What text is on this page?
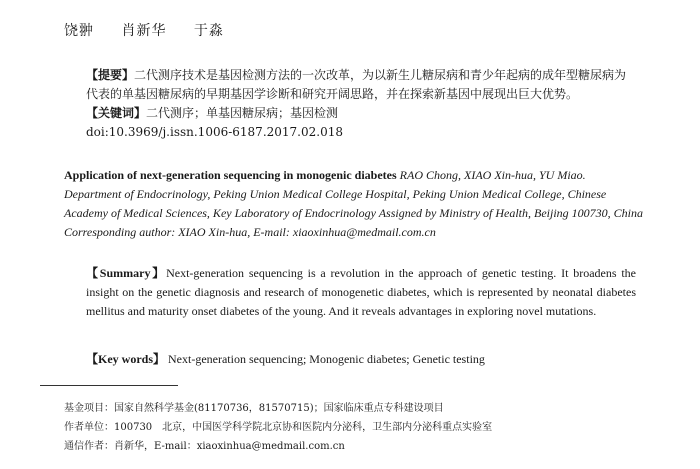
饶翀 肖新华 于淼
【提要】二代测序技术是基因检测方法的一次改革，为以新生儿糖尿病和青少年起病的成年型糖尿病为代表的单基因糖尿病的早期基因学诊断和研究开阔思路，并在探索新基因中展现出巨大优势。
【关键词】二代测序；单基因糖尿病；基因检测
doi:10.3969/j.issn.1006-6187.2017.02.018
Application of next-generation sequencing in monogenic diabetes RAO Chong, XIAO Xin-hua, YU Miao. Department of Endocrinology, Peking Union Medical College Hospital, Peking Union Medical College, Chinese Academy of Medical Sciences, Key Laboratory of Endocrinology Assigned by Ministry of Health, Beijing 100730, China
Corresponding author: XIAO Xin-hua, E-mail: xiaoxinhua@medmail.com.cn
【Summary】Next-generation sequencing is a revolution in the approach of genetic testing. It broadens the insight on the genetic diagnosis and research of monogenetic diabetes, which is represented by neonatal diabetes mellitus and maturity onset diabetes of the young. And it reveals advantages in exploring novel mutations.
【Key words】 Next-generation sequencing; Monogenic diabetes; Genetic testing
基金项目：国家自然科学基金(81170736，81570715)；国家临床重点专科建设项目
作者单位：100730　北京，中国医学科学院北京协和医院内分泌科，卫生部内分泌科重点实验室
通信作者：肖新华，E-mail：xiaoxinhua@medmail.com.cn
